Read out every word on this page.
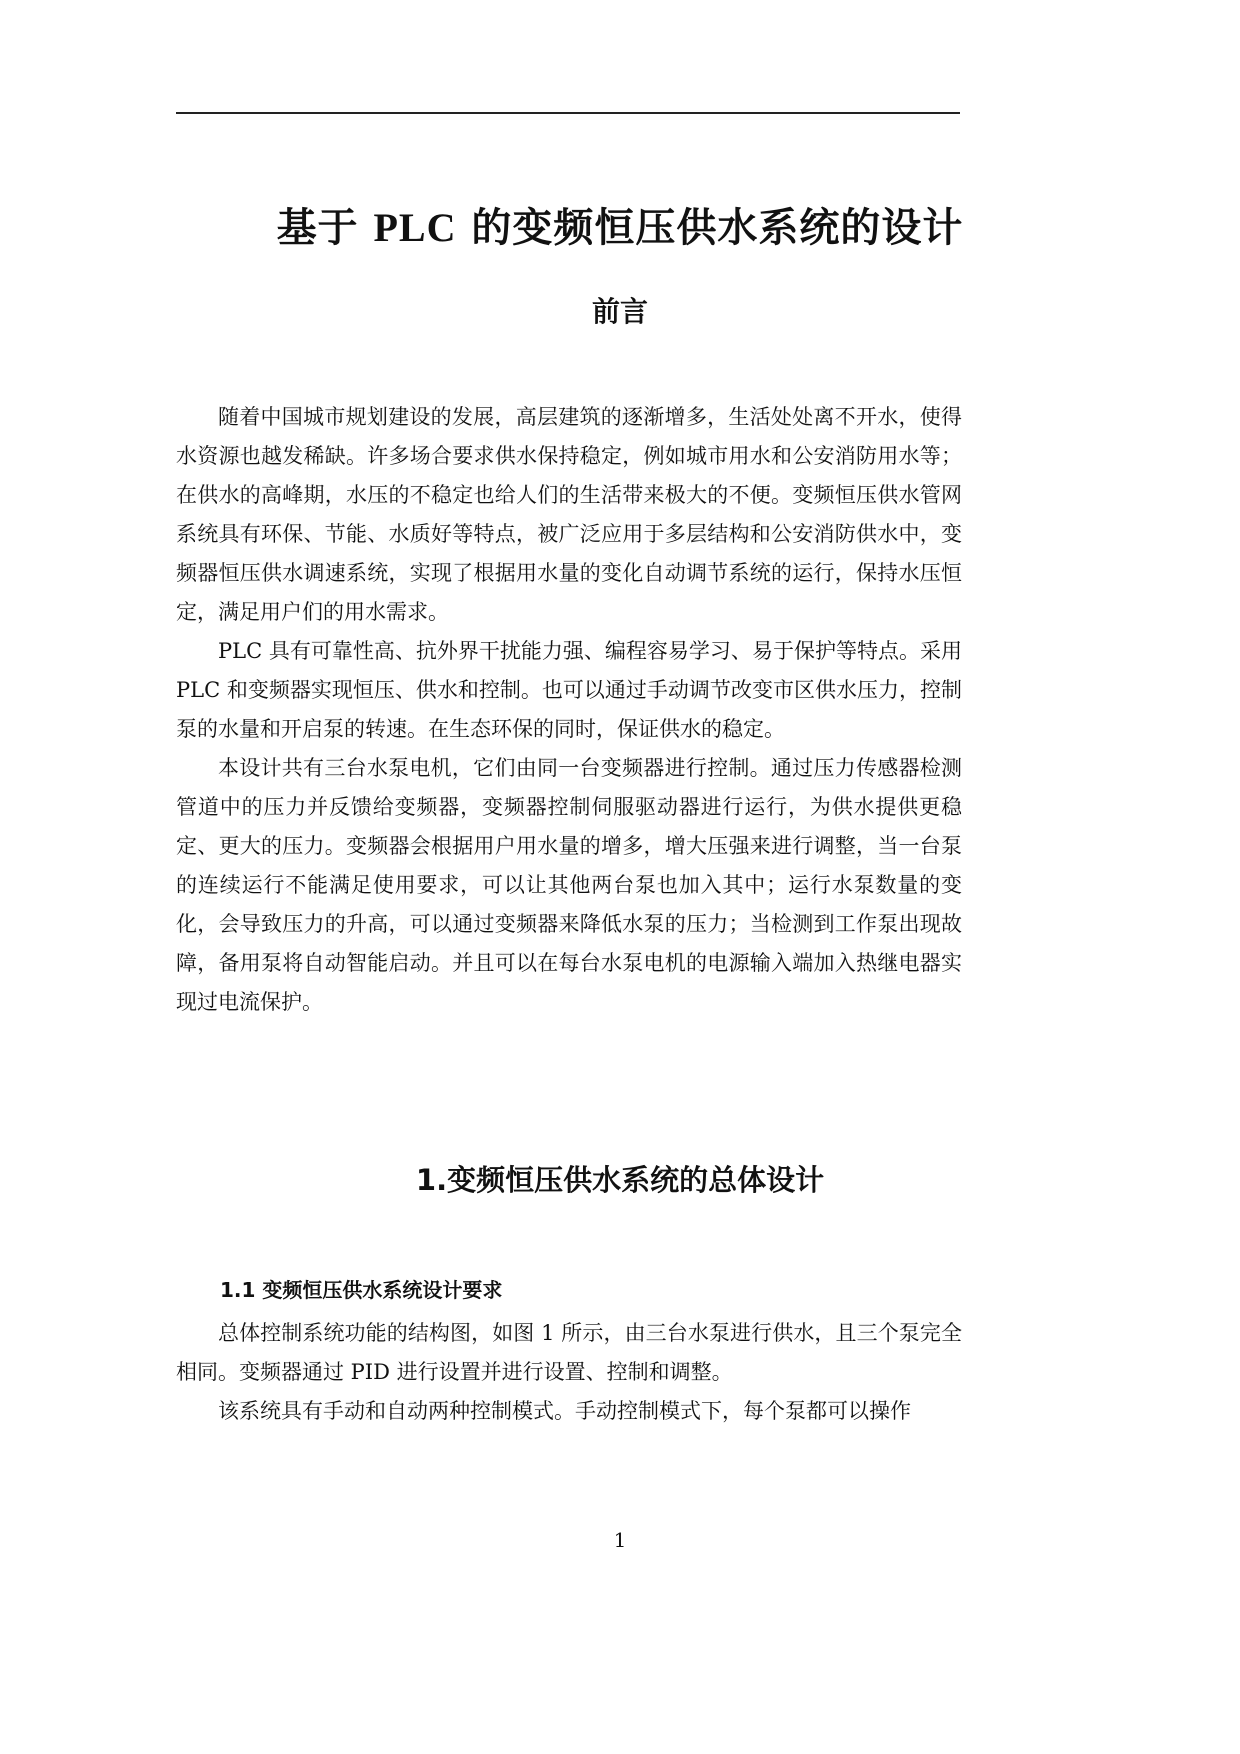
基于 PLC 的变频恒压供水系统的设计
前言

随着中国城市规划建设的发展，高层建筑的逐渐增多，生活处处离不开水，使得水资源也越发稀缺。许多场合要求供水保持稳定，例如城市用水和公安消防用水等；在供水的高峰期，水压的不稳定也给人们的生活带来极大的不便。变频恒压供水管网系统具有环保、节能、水质好等特点，被广泛应用于多层结构和公安消防供水中，变频器恒压供水调速系统，实现了根据用水量的变化自动调节系统的运行，保持水压恒定，满足用户们的用水需求。

PLC 具有可靠性高、抗外界干扰能力强、编程容易学习、易于保护等特点。采用 PLC 和变频器实现恒压、供水和控制。也可以通过手动调节改变市区供水压力，控制泵的水量和开启泵的转速。在生态环保的同时，保证供水的稳定。

本设计共有三台水泵电机，它们由同一台变频器进行控制。通过压力传感器检测管道中的压力并反馈给变频器，变频器控制伺服驱动器进行运行，为供水提供更稳定、更大的压力。变频器会根据用户用水量的增多，增大压强来进行调整，当一台泵的连续运行不能满足使用要求，可以让其他两台泵也加入其中；运行水泵数量的变化，会导致压力的升高，可以通过变频器来降低水泵的压力；当检测到工作泵出现故障，备用泵将自动智能启动。并且可以在每台水泵电机的电源输入端加入热继电器实现过电流保护。

1.变频恒压供水系统的总体设计
1.1 变频恒压供水系统设计要求

总体控制系统功能的结构图，如图 1 所示，由三台水泵进行供水，且三个泵完全相同。变频器通过 PID 进行设置并进行设置、控制和调整。

该系统具有手动和自动两种控制模式。手动控制模式下，每个泵都可以操作

1
